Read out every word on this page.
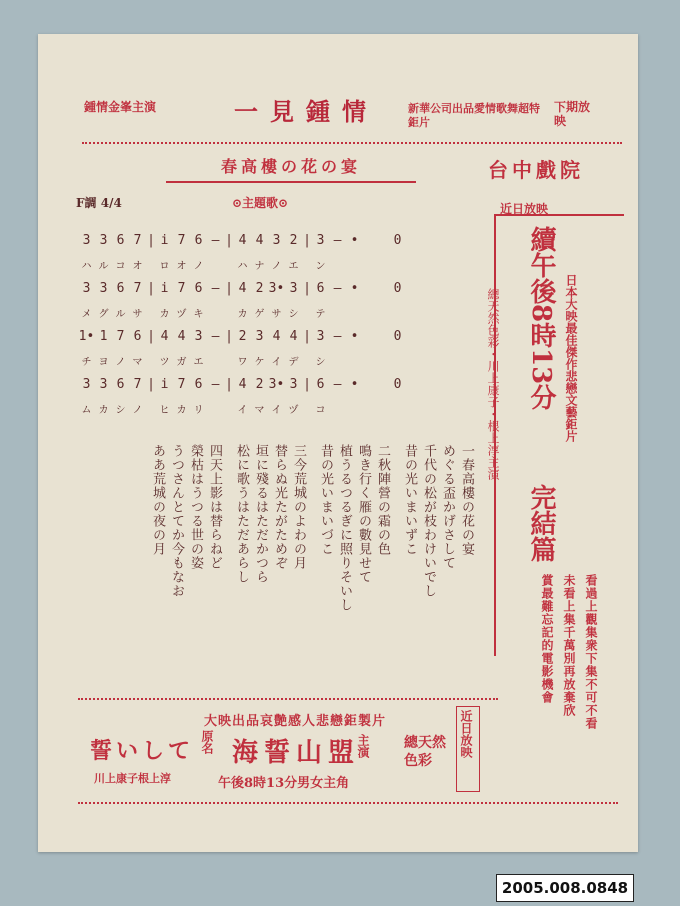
下期放映
新華公司出品愛情歌舞超特鉅片
一見鍾情
鍾情金峯主演
台中戲院
近日放映
春高樓の花の宴
F調 4/4	⊙主題歌⊙
3 3 6 7 | i 7 6 — | 4 4 3 2 | 3 — •	0
ハ ル コ オ	ロ オ ノ	ハ ナ ノ エ	ン
3 3 6 7 | i 7 6 — | 4 2 3• 3 | 6 — •	0
メ グ ル サ	カ ヅ キ	カ ゲ サ シ	テ
1• 1 7 6 | 4 4 3 — | 2 3 4 4 | 3 — •	0
チ ヨ ノ マ	ツ ガ エ	ワ ケ イ デ	シ
3 3 6 7 | i 7 6 — | 4 2 3• 3 | 6 — •	0
ム カ シ ノ	ヒ カ リ	イ マ イ ヅ	コ
一春高樓の花の宴
めぐる盃かげさして
千代の松が枝わけいでし
昔の光いまいずこ
二秋陣營の霜の色
鳴き行く雁の數見せて
植うるつるぎに照りそいし
昔の光いまいづこ
三今荒城のよわの月
替らぬ光たがためぞ
垣に殘るはただかつら
松に歌うはただあらし
四天上影は替らねど
榮枯はうつる世の姿
うつさんとてか今もなお
ああ荒城の夜の月
續午後8時13分
完結篇
日本大映最佳傑作悲戀文藝鉅片
總天然色彩・川上康子・根上淳主演
看過上觀集衆下集不可不看
未看上集千萬別再放棄欣
賞最難忘記的電影機會
大映出品哀艶感人悲戀鉅製片
主演
海誓山盟
原名
誓いして
午後8時13分男女主角
川上康子根上淳
總天然色彩
近日放映
2005.008.0848
